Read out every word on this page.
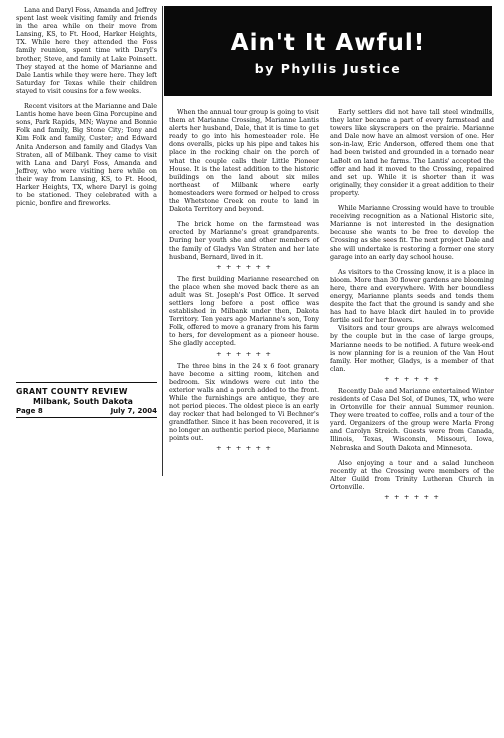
Lana and Daryl Foss, Amanda and Jeffrey spent last week visiting family and friends in the area while on their move from Lansing, KS, to Ft. Hood, Harker Heights, TX. While here they attended the Foss family reunion, spent time with Daryl's brother, Steve, and family at Lake Poinsett. They stayed at the home of Marianne and Dale Lantis while they were here. They left Saturday for Texas while their children stayed to visit cousins for a few weeks.

Recent visitors at the Marianne and Dale Lantis home have been Gina Porcupine and sons, Park Rapids, MN; Wayne and Bonnie Folk and family, Big Stone City; Tony and Kim Folk and family, Custer; and Edward Anita Anderson and family and Gladys Van Straten, all of Milbank. They came to visit with Lana and Daryl Foss, Amanda and Jeffrey, who were visiting here while on their way from Lansing, KS, to Ft. Hood, Harker Heights, TX, where Daryl is going to be stationed. They celebrated with a picnic, bonfire and fireworks.

GRANT COUNTY REVIEW
Milbank, South Dakota
Page 8	July 7, 2004
Ain't It Awful!
by Phyllis Justice

When the annual tour group is going to visit them at Marianne Crossing, Marianne Lantis alerts her husband, Dale, that it is time to get ready to go into his homesteader role. He dons overalls, picks up his pipe and takes his place in the rocking chair on the porch of what the couple calls their Little Pioneer House. It is the latest addition to the historic buildings on the land about six miles northeast of Milbank where early homesteaders were formed or helped to cross the Whetstone Creek on route to land in Dakota Territory and beyond.

The brick home on the farmstead was erected by Marianne's great grandparents. During her youth she and other members of the family of Gladys Van Straten and her late husband, Bernard, lived in it.

+ + + + + +

The first building Marianne researched on the place when she moved back there as an adult was St. Joseph's Post Office. It served settlers long before a post office was established in Milbank under then, Dakota Territory. Ten years ago Marianne's son, Tony Folk, offered to move a granary from his farm to hers, for development as a pioneer house. She gladly accepted.

+ + + + + +

The three bins in the 24 x 6 foot granary have become a sitting room, kitchen and bedroom. Six windows were cut into the exterior walls and a porch added to the front. While the furnishings are antique, they are not period pieces. The oldest piece is an early day rocker that had belonged to Vi Bechner's grandfather. Since it has been recovered, it is no longer an authentic period piece, Marianne points out.

+ + + + + +

Early settlers did not have tall steel windmills, they later became a part of every farmstead and towers like skyscrapers on the prairie. Marianne and Dale now have an almost version of one. Her son-in-law, Eric Anderson, offered them one that had been twisted and grounded in a tornado near LaBolt on land he farms. The Lantis' accepted the offer and had it moved to the Crossing, repaired and set up. While it is shorter than it was originally, they consider it a great addition to their property.

While Marianne Crossing would have to trouble receiving recognition as a National Historic site, Marianne is not interested in the designation because she wants to be free to develop the Crossing as she sees fit. The next project Dale and she will undertake is restoring a former one story garage into an early day school house.

As visitors to the Crossing know, it is a place in bloom. More than 30 flower gardens are blooming here, there and everywhere. With her boundless energy, Marianne plants seeds and tends them despite the fact that the ground is sandy and she has had to have black dirt hauled in to provide fertile soil for her flowers.

Visitors and tour groups are always welcomed by the couple but in the case of large groups, Marianne needs to be notified. A future week-end is now planning for is a reunion of the Van Hout family. Her mother, Gladys, is a member of that clan.

+ + + + + +

Recently Dale and Marianne entertained Winter residents of Casa Del Sol, of Dunes, TX, who were in Ortonville for their annual Summer reunion. They were treated to coffee, rolls and a tour of the yard. Organizers of the group were Marla Frong and Carolyn Streich. Guests were from Canada, Illinois, Texas, Wisconsin, Missouri, Iowa, Nebraska and South Dakota and Minnesota.

Also enjoying a tour and a salad luncheon recently at the Crossing were members of the Alter Guild from Trinity Lutheran Church in Ortonville.

+ + + + + +
